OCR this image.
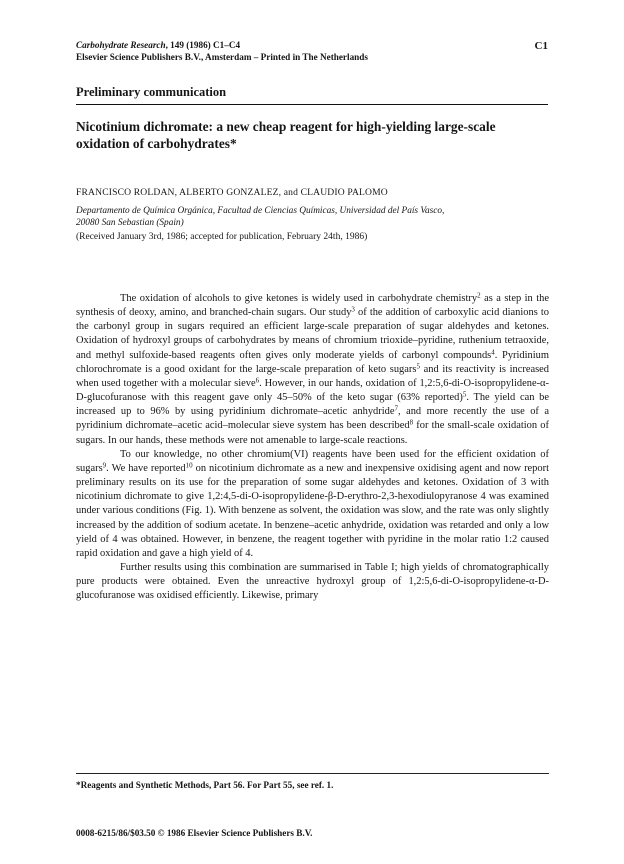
Carbohydrate Research, 149 (1986) C1–C4
Elsevier Science Publishers B.V., Amsterdam – Printed in The Netherlands
C1
Preliminary communication
Nicotinium dichromate: a new cheap reagent for high-yielding large-scale oxidation of carbohydrates*
FRANCISCO ROLDAN, ALBERTO GONZALEZ, and CLAUDIO PALOMO
Departamento de Química Orgánica, Facultad de Ciencias Químicas, Universidad del País Vasco,
20080 San Sebastian (Spain)
(Received January 3rd, 1986; accepted for publication, February 24th, 1986)

The oxidation of alcohols to give ketones is widely used in carbohydrate chemistry$^2$ as a step in the synthesis of deoxy, amino, and branched-chain sugars. Our study$^3$ of the addition of carboxylic acid dianions to the carbonyl group in sugars required an efficient large-scale preparation of sugar aldehydes and ketones. Oxidation of hydroxyl groups of carbohydrates by means of chromium trioxide–pyridine, ruthenium tetraoxide, and methyl sulfoxide-based reagents often gives only moderate yields of carbonyl compounds$^4$. Pyridinium chlorochromate is a good oxidant for the large-scale preparation of keto sugars$^5$ and its reactivity is increased when used together with a molecular sieve$^6$. However, in our hands, oxidation of 1,2:5,6-di-O-isopropylidene-α-D-glucofuranose with this reagent gave only 45–50% of the keto sugar (63% reported)$^5$. The yield can be increased up to 96% by using pyridinium dichromate–acetic anhydride$^7$, and more recently the use of a pyridinium dichromate–acetic acid–molecular sieve system has been described$^8$ for the small-scale oxidation of sugars. In our hands, these methods were not amenable to large-scale reactions.

To our knowledge, no other chromium(VI) reagents have been used for the efficient oxidation of sugars$^9$. We have reported$^{10}$ on nicotinium dichromate as a new and inexpensive oxidising agent and now report preliminary results on its use for the preparation of some sugar aldehydes and ketones. Oxidation of 3 with nicotinium dichromate to give 1,2:4,5-di-O-isopropylidene-β-D-erythro-2,3-hexodiulopyranose 4 was examined under various conditions (Fig. 1). With benzene as solvent, the oxidation was slow, and the rate was only slightly increased by the addition of sodium acetate. In benzene–acetic anhydride, oxidation was retarded and only a low yield of 4 was obtained. However, in benzene, the reagent together with pyridine in the molar ratio 1:2 caused rapid oxidation and gave a high yield of 4.

Further results using this combination are summarised in Table I; high yields of chromatographically pure products were obtained. Even the unreactive hydroxyl group of 1,2:5,6-di-O-isopropylidene-α-D-glucofuranose was oxidised efficiently. Likewise, primary

*Reagents and Synthetic Methods, Part 56. For Part 55, see ref. 1.
0008-6215/86/$03.50 © 1986 Elsevier Science Publishers B.V.
